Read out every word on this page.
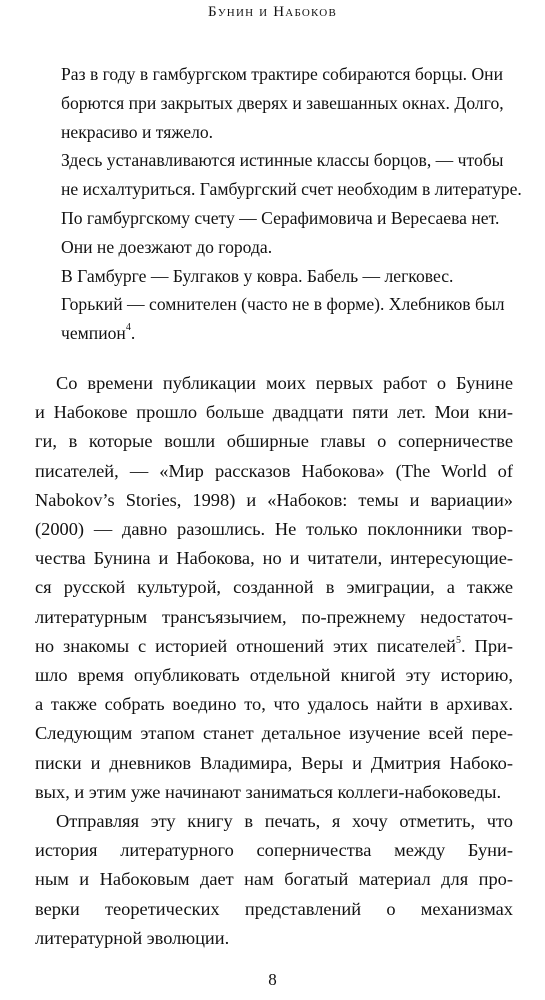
Бунин и Набоков
Раз в году в гамбургском трактире собираются борцы. Они
борются при закрытых дверях и завешанных окнах. Долго,
некрасиво и тяжело.
Здесь устанавливаются истинные классы борцов, — чтобы
не исхалтуриться. Гамбургский счет необходим в литературе.
По гамбургскому счету — Серафимовича и Вересаева нет.
Они не доезжают до города.
В Гамбурге — Булгаков у ковра. Бабель — легковес.
Горький — сомнителен (часто не в форме). Хлебников был
чемпион$^4$.
Со времени публикации моих первых работ о Бунине
и Набокове прошло больше двадцати пяти лет. Мои кни-
ги, в которые вошли обширные главы о соперничестве
писателей, — «Мир рассказов Набокова» (The World of
Nabokov’s Stories, 1998) и «Набоков: темы и вариации»
(2000) — давно разошлись. Не только поклонники твор-
чества Бунина и Набокова, но и читатели, интересующие-
ся русской культурой, созданной в эмиграции, а также
литературным трансъязычием, по-прежнему недостаточ-
но знакомы с историей отношений этих писателей$^5$. При-
шло время опубликовать отдельной книгой эту историю,
а также собрать воедино то, что удалось найти в архивах.
Следующим этапом станет детальное изучение всей пере-
писки и дневников Владимира, Веры и Дмитрия Набоко-
вых, и этим уже начинают заниматься коллеги-набоковеды.
Отправляя эту книгу в печать, я хочу отметить, что
история литературного соперничества между Буни-
ным и Набоковым дает нам богатый материал для про-
верки теоретических представлений о механизмах
литературной эволюции.
8
